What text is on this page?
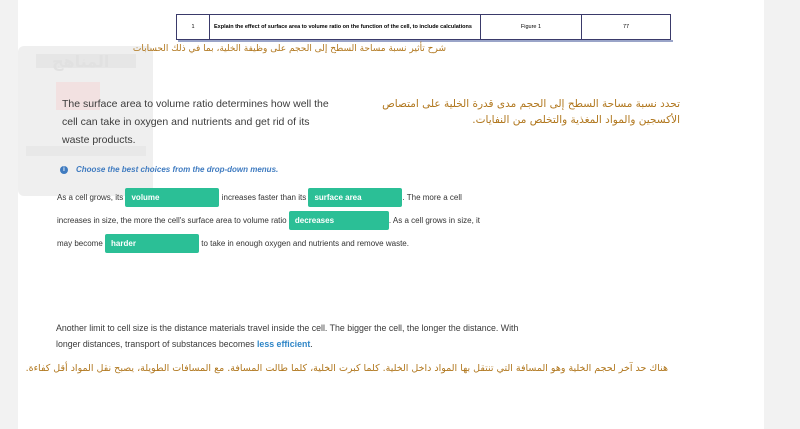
المناهج
1	Explain the effect of surface area to volume ratio on the function of the cell, to include calculations	Figure 1	77
شرح تأثير نسبة مساحة السطح إلى الحجم على وظيفة الخلية، بما في ذلك الحسابات
The surface area to volume ratio determines how well the cell can take in oxygen and nutrients and get rid of its waste products.
تحدد نسبة مساحة السطح إلى الحجم مدى قدرة الخلية على امتصاص الأكسجين والمواد المغذية والتخلص من النفايات.
i	Choose the best choices from the drop-down menus.
As a cell grows, its volume	increases faster than its surface area	. The more a cell increases in size, the more the cell's surface area to volume ratio decreases	. As a cell grows in size, it may become harder	to take in enough oxygen and nutrients and remove waste.
Another limit to cell size is the distance materials travel inside the cell. The bigger the cell, the longer the distance. With longer distances, transport of substances becomes less efficient.
هناك حد آخر لحجم الخلية وهو المسافة التي تنتقل بها المواد داخل الخلية. كلما كبرت الخلية، كلما طالت المسافة. مع المسافات الطويلة، يصبح نقل المواد أقل كفاءة.
